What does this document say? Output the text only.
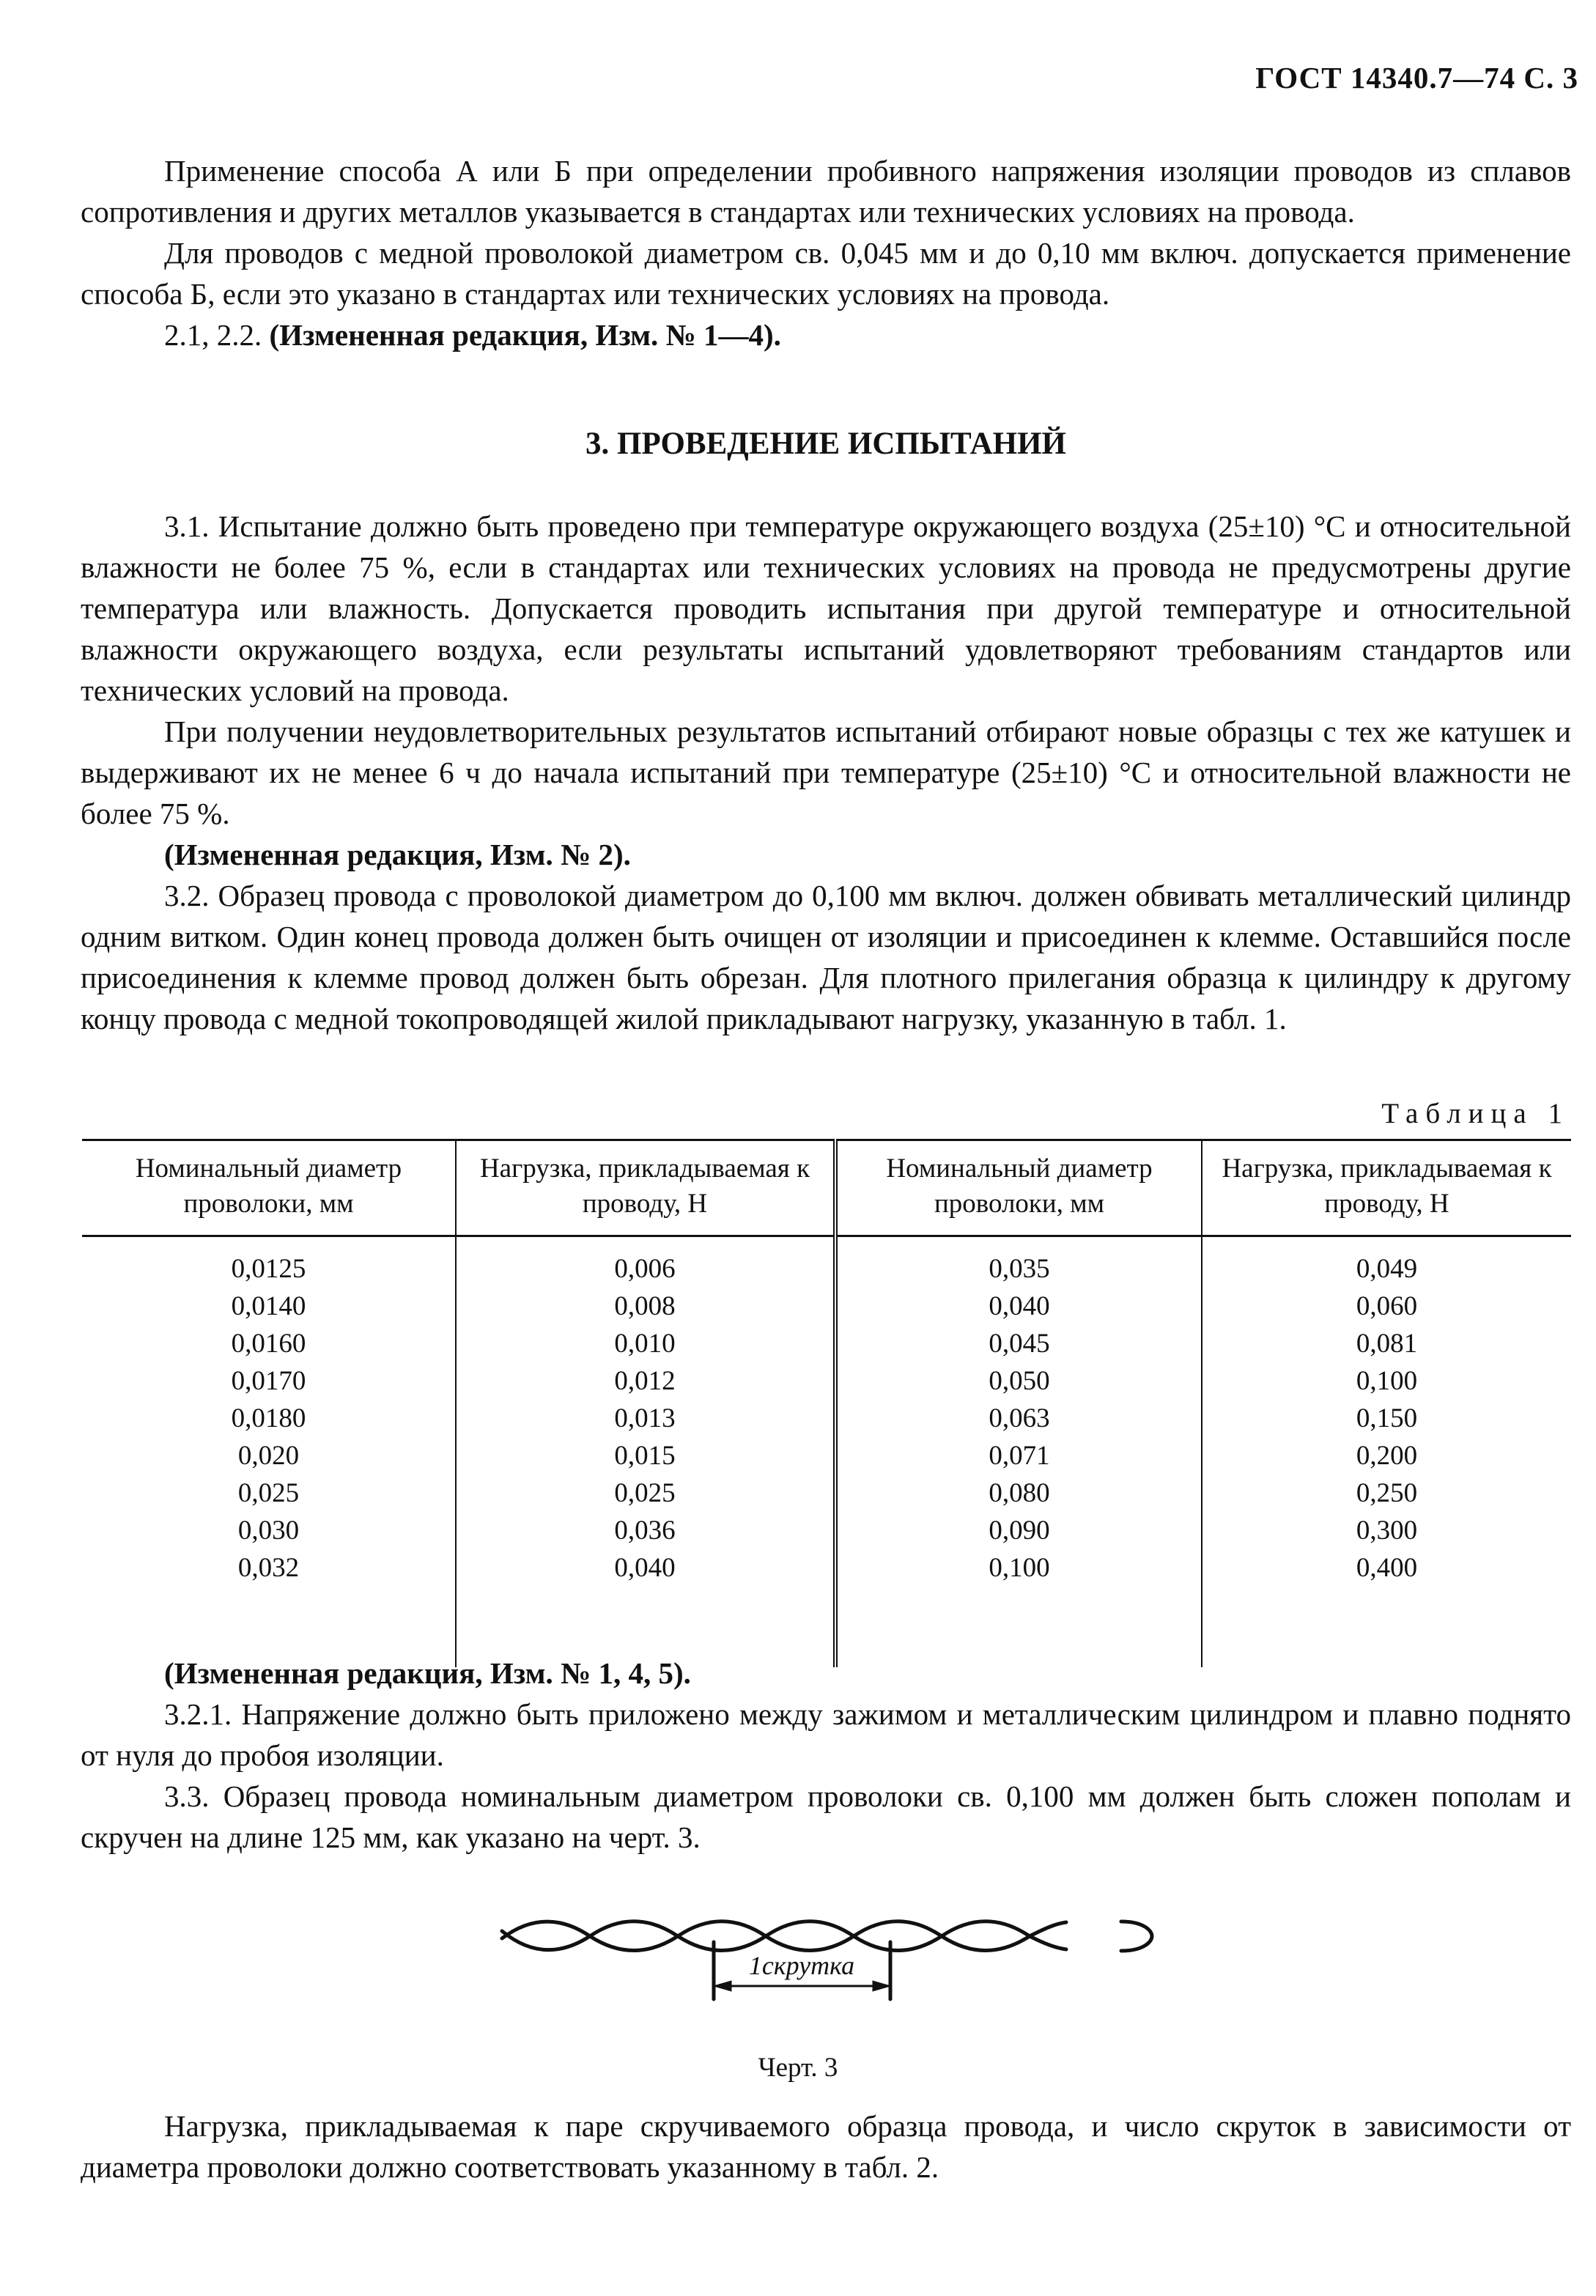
ГОСТ 14340.7—74 С. 3

Применение способа А или Б при определении пробивного напряжения изоляции проводов из сплавов сопротивления и других металлов указывается в стандартах или технических условиях на провода.

Для проводов с медной проволокой диаметром св. 0,045 мм и до 0,10 мм включ. допускается применение способа Б, если это указано в стандартах или технических условиях на провода.

2.1, 2.2. (Измененная редакция, Изм. № 1—4).

3. ПРОВЕДЕНИЕ ИСПЫТАНИЙ

3.1. Испытание должно быть проведено при температуре окружающего воздуха (25±10) °С и относительной влажности не более 75 %, если в стандартах или технических условиях на провода не предусмотрены другие температура или влажность. Допускается проводить испытания при другой температуре и относительной влажности окружающего воздуха, если результаты испытаний удовлетворяют требованиям стандартов или технических условий на провода.

При получении неудовлетворительных результатов испытаний отбирают новые образцы с тех же катушек и выдерживают их не менее 6 ч до начала испытаний при температуре (25±10) °С и относительной влажности не более 75 %.

(Измененная редакция, Изм. № 2).

3.2. Образец провода с проволокой диаметром до 0,100 мм включ. должен обвивать металлический цилиндр одним витком. Один конец провода должен быть очищен от изоляции и присоединен к клемме. Оставшийся после присоединения к клемме провод должен быть обрезан. Для плотного прилегания образца к цилиндру к другому концу провода с медной токопроводящей жилой прикладывают нагрузку, указанную в табл. 1.

Таблица 1
Номинальный диаметр проволоки, мм	Нагрузка, прикладываемая к проводу, Н	Номинальный диаметр проволоки, мм	Нагрузка, прикладываемая к проводу, Н
0,0125	0,006	0,035	0,049
0,0140	0,008	0,040	0,060
0,0160	0,010	0,045	0,081
0,0170	0,012	0,050	0,100
0,0180	0,013	0,063	0,150
0,020	0,015	0,071	0,200
0,025	0,025	0,080	0,250
0,030	0,036	0,090	0,300
0,032	0,040	0,100	0,400

(Измененная редакция, Изм. № 1, 4, 5).

3.2.1. Напряжение должно быть приложено между зажимом и металлическим цилиндром и плавно поднято от нуля до пробоя изоляции.

3.3. Образец провода номинальным диаметром проволоки св. 0,100 мм должен быть сложен пополам и скручен на длине 125 мм, как указано на черт. 3.

1скрутка
Черт. 3

Нагрузка, прикладываемая к паре скручиваемого образца провода, и число скруток в зависимости от диаметра проволоки должно соответствовать указанному в табл. 2.
